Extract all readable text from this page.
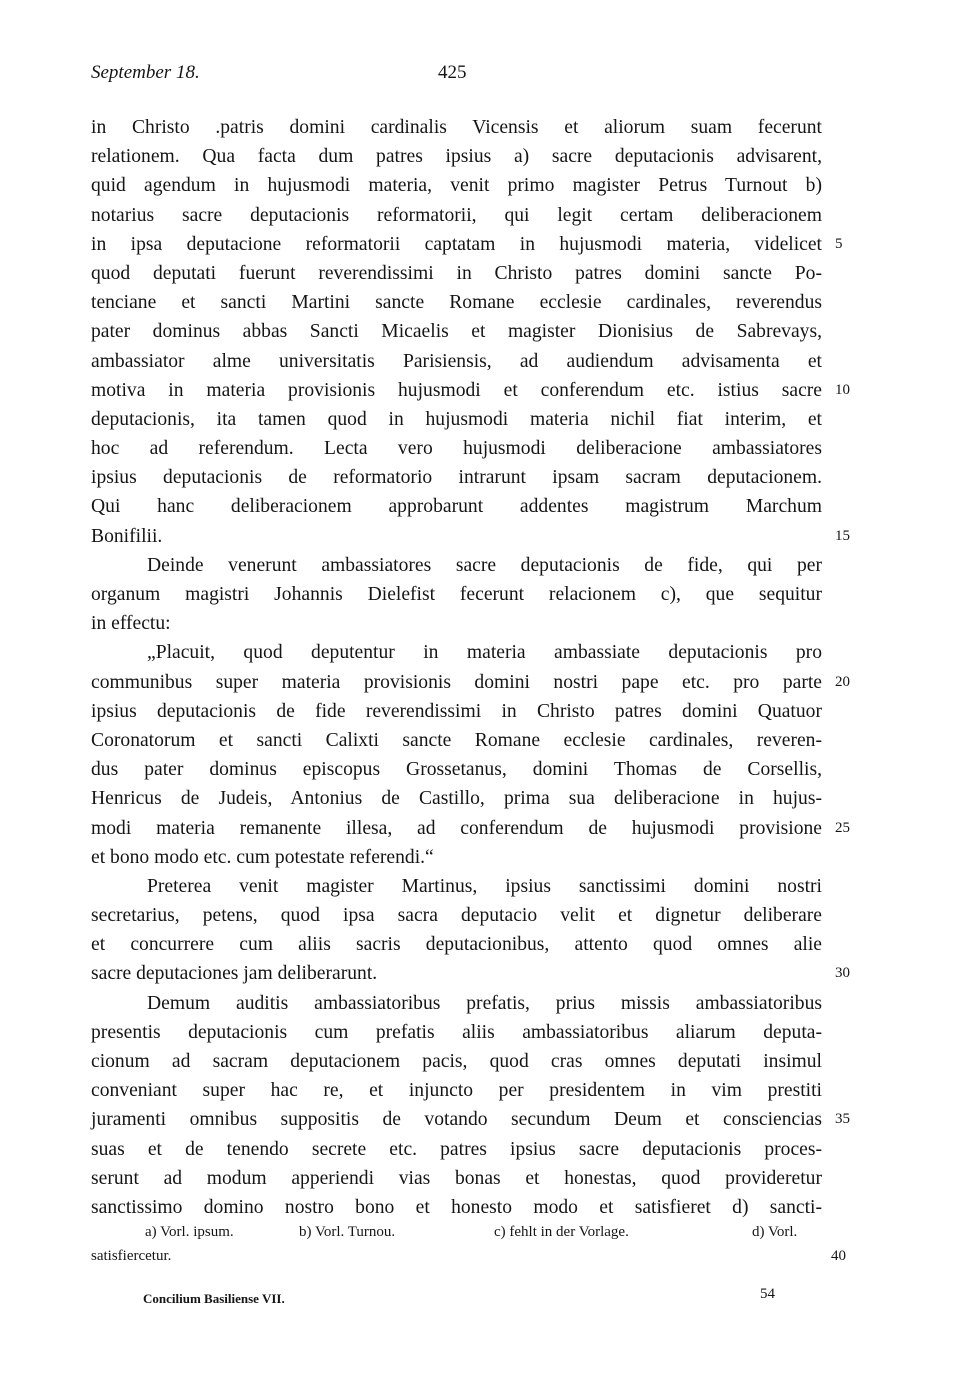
September 18.	425
in Christo .patris domini cardinalis Vicensis et aliorum suam fecerunt
relationem. Qua facta dum patres ipsius a) sacre deputacionis advisarent,
quid agendum in hujusmodi materia, venit primo magister Petrus Turnout b)
notarius sacre deputacionis reformatorii, qui legit certam deliberacionem
in ipsa deputacione reformatorii captatam in hujusmodi materia, videlicet 5
quod deputati fuerunt reverendissimi in Christo patres domini sancte Po-
tenciane et sancti Martini sancte Romane ecclesie cardinales, reverendus
pater dominus abbas Sancti Micaelis et magister Dionisius de Sabrevays,
ambassiator alme universitatis Parisiensis, ad audiendum advisamenta et
motiva in materia provisionis hujusmodi et conferendum etc. istius sacre 10
deputacionis, ita tamen quod in hujusmodi materia nichil fiat interim, et
hoc ad referendum. Lecta vero hujusmodi deliberacione ambassiatores
ipsius deputacionis de reformatorio intrarunt ipsam sacram deputacionem.
Qui hanc deliberacionem approbarunt addentes magistrum Marchum
Bonifilii.	15
Deinde venerunt ambassiatores sacre deputacionis de fide, qui per
organum magistri Johannis Dielefist fecerunt relacionem c), que sequitur
in effectu:
„Placuit, quod deputentur in materia ambassiate deputacionis pro
communibus super materia provisionis domini nostri pape etc. pro parte 20
ipsius deputacionis de fide reverendissimi in Christo patres domini Quatuor
Coronatorum et sancti Calixti sancte Romane ecclesie cardinales, reveren-
dus pater dominus episcopus Grossetanus, domini Thomas de Corsellis,
Henricus de Judeis, Antonius de Castillo, prima sua deliberacione in hujus-
modi materia remanente illesa, ad conferendum de hujusmodi provisione 25
et bono modo etc. cum potestate referendi.“
Preterea venit magister Martinus, ipsius sanctissimi domini nostri
secretarius, petens, quod ipsa sacra deputacio velit et dignetur deliberare
et concurrere cum aliis sacris deputacionibus, attento quod omnes alie
sacre deputaciones jam deliberarunt.	30
Demum auditis ambassiatoribus prefatis, prius missis ambassiatoribus
presentis deputacionis cum prefatis aliis ambassiatoribus aliarum deputa-
cionum ad sacram deputacionem pacis, quod cras omnes deputati insimul
conveniant super hac re, et injuncto per presidentem in vim prestiti
juramenti omnibus suppositis de votando secundum Deum et consciencias 35
suas et de tenendo secrete etc. patres ipsius sacre deputacionis proces-
serunt ad modum apperiendi vias bonas et honestas, quod provideretur
sanctissimo domino nostro bono et honesto modo et satisfieret d) sancti-
a) Vorl. ipsum.	b) Vorl. Turnou.	c) fehlt in der Vorlage.	d) Vorl.
satisfiercetur.	40
Concilium Basiliense VII.	54
